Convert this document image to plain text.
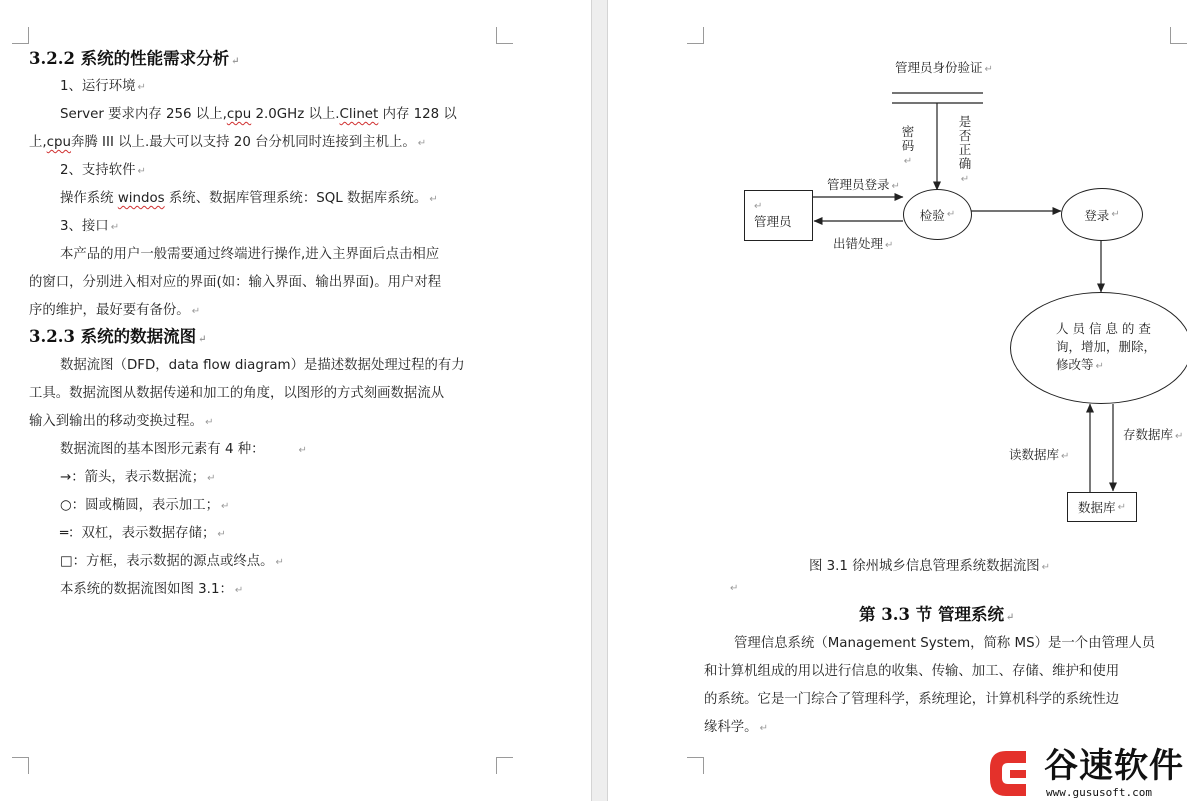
3.2.2 系统的性能需求分析 ↵
1、运行环境 ↵
Server 要求内存 256 以上,cpu 2.0GHz 以上.Clinet 内存 128 以
上,cpu奔腾 III 以上.最大可以支持 20 台分机同时连接到主机上。 ↵
2、支持软件 ↵
操作系统 windos 系统、数据库管理系统：SQL 数据库系统。 ↵
3、接口 ↵
本产品的用户一般需要通过终端进行操作,进入主界面后点击相应
的窗口，分别进入相对应的界面(如：输入界面、输出界面)。用户对程
序的维护，最好要有备份。 ↵
3.2.3 系统的数据流图 ↵
数据流图（DFD，data flow diagram）是描述数据处理过程的有力
工具。数据流图从数据传递和加工的角度，以图形的方式刻画数据流从
输入到输出的移动变换过程。 ↵
数据流图的基本图形元素有 4 种：	↵
→：箭头，表示数据流； ↵
○：圆或椭圆，表示加工； ↵
═：双杠，表示数据存储； ↵
□：方框，表示数据的源点或终点。 ↵
本系统的数据流图如图 3.1： ↵
管理员身份验证 ↵
密码
↵
是否正确
↵
管理员登录 ↵
出错处理 ↵
↵
管理员	检验 ↵	登录 ↵
人 员 信 息 的 查
询，增加，删除，
修改等 ↵
读数据库 ↵
存数据库 ↵
数据库 ↵
图 3.1 徐州城乡信息管理系统数据流图 ↵
↵
第 3.3 节 管理系统 ↵
管理信息系统（Management System，简称 MS）是一个由管理人员
和计算机组成的用以进行信息的收集、传输、加工、存储、维护和使用
的系统。它是一门综合了管理科学，系统理论，计算机科学的系统性边
缘科学。 ↵
谷速软件
www.gususoft.com
